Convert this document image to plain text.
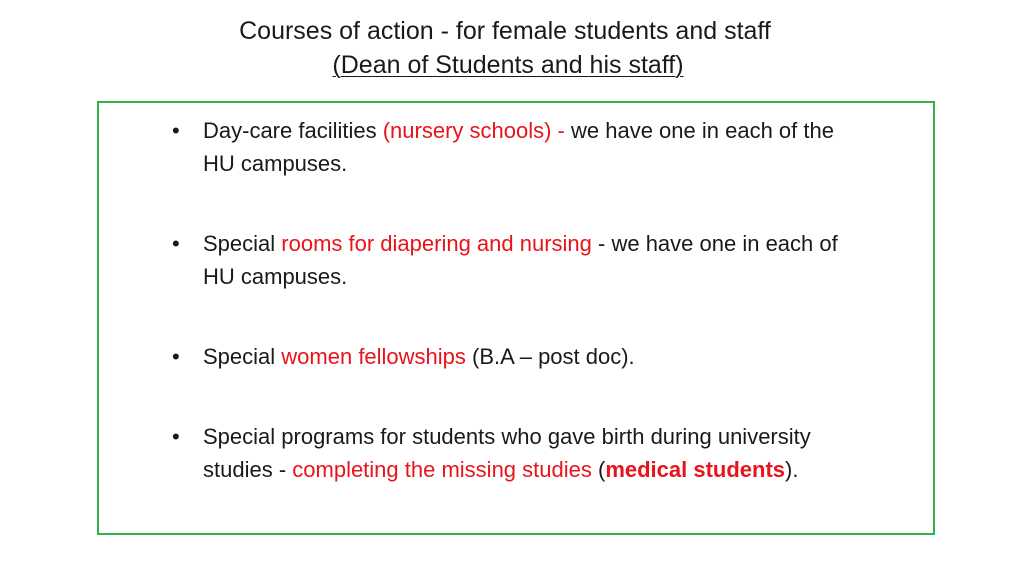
Courses of action - for female students and staff
(Dean of Students and his staff)
• Day-care facilities (nursery schools) - we have one in each of the HU campuses.
• Special rooms for diapering and nursing - we have one in each of HU campuses.
• Special women fellowships (B.A – post doc).
• Special programs for students who gave birth during university studies - completing the missing studies (medical students).
